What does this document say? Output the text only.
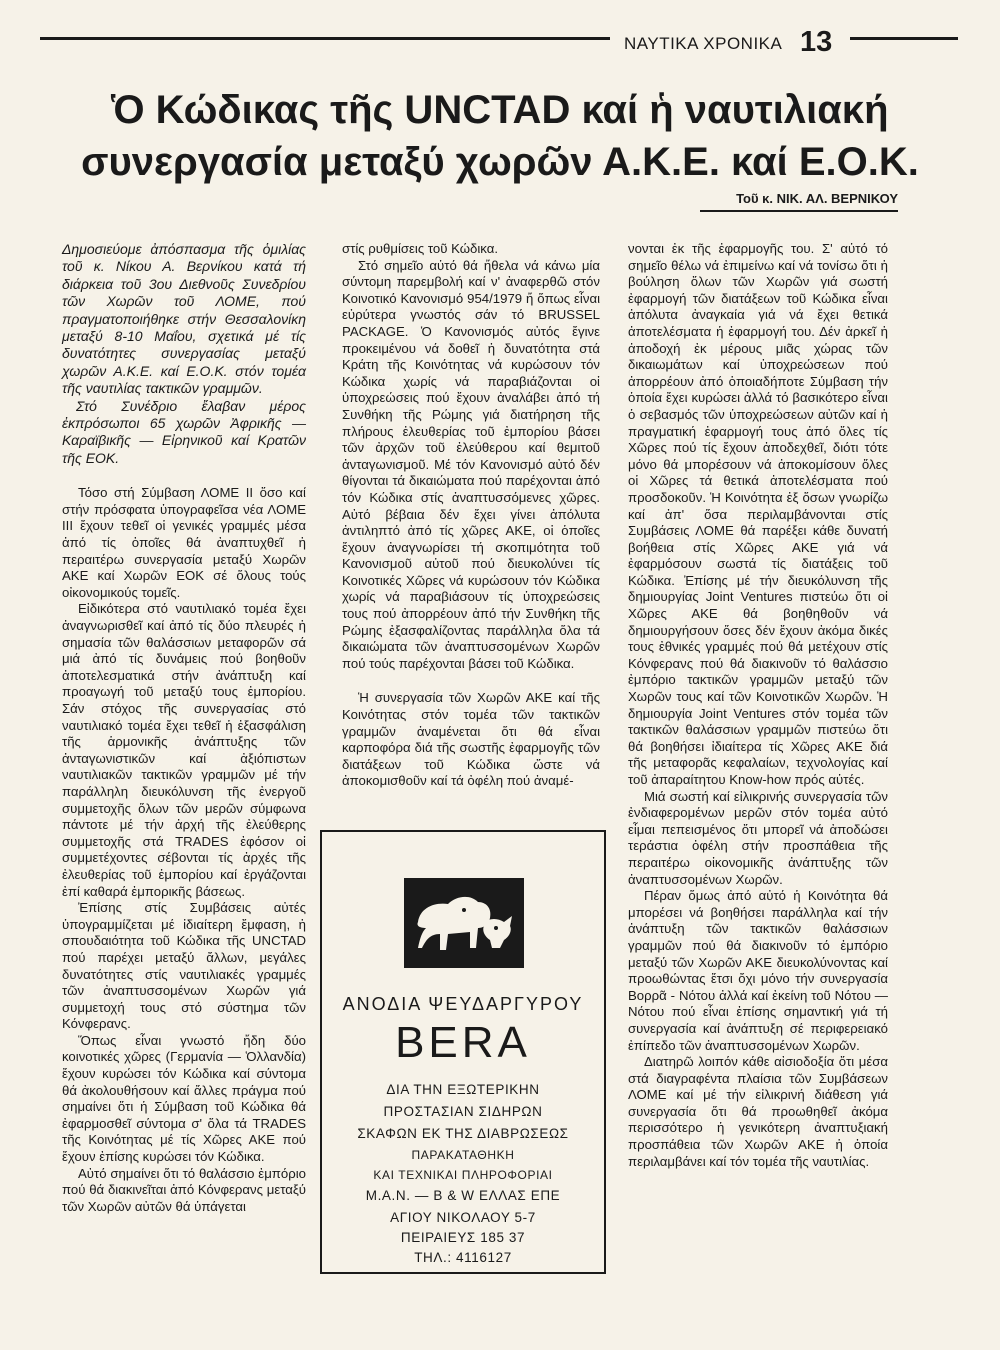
ΝΑΥΤΙΚΑ ΧΡΟΝΙΚΑ 13
Ὁ Κώδικας τῆς UNCTAD καί ἡ ναυτιλιακή
συνεργασία μεταξύ χωρῶν Α.Κ.Ε. καί Ε.Ο.Κ.
Τοῦ κ. ΝΙΚ. ΑΛ. ΒΕΡΝΙΚΟΥ

Δημοσιεύομε ἀπόσπασμα τῆς ὁμιλίας τοῦ κ. Νίκου Α. Βερνίκου κατά τή διάρκεια τοῦ 3ου Διεθνοῦς Συνεδρίου τῶν Χωρῶν τοῦ ΛΟΜΕ, πού πραγματοποιήθηκε στήν Θεσσαλονίκη μεταξύ 8-10 Μαΐου, σχετικά μέ τίς δυνατότητες συνεργασίας μεταξύ χωρῶν Α.Κ.Ε. καί Ε.Ο.Κ. στόν τομέα τῆς ναυτιλίας τακτικῶν γραμμῶν.

Στό Συνέδριο ἔλαβαν μέρος ἐκπρόσωποι 65 χωρῶν Ἀφρικῆς — Καραϊβικῆς — Εἰρηνικοῦ καί Κρατῶν τῆς ΕΟΚ.

Τόσο στή Σύμβαση ΛΟΜΕ ΙΙ ὅσο καί στήν πρόσφατα ὑπογραφεῖσα νέα ΛΟΜΕ ΙΙΙ ἔχουν τεθεῖ οἱ γενικές γραμμές μέσα ἀπό τίς ὁποῖες θά ἀναπτυχθεῖ ἡ περαιτέρω συνεργασία μεταξύ Χωρῶν ΑΚΕ καί Χωρῶν ΕΟΚ σέ ὅλους τούς οἰκονομικούς τομεῖς.

Εἰδικότερα στό ναυτιλιακό τομέα ἔχει ἀναγνωρισθεῖ καί ἀπό τίς δύο πλευρές ἡ σημασία τῶν θαλάσσιων μεταφορῶν σά μιά ἀπό τίς δυνάμεις πού βοηθοῦν ἀποτελεσματικά στήν ἀνάπτυξη καί προαγωγή τοῦ μεταξύ τους ἐμπορίου. Σάν στόχος τῆς συνεργασίας στό ναυτιλιακό τομέα ἔχει τεθεῖ ἡ ἐξασφάλιση τῆς ἁρμονικῆς ἀνάπτυξης τῶν ἀνταγωνιστικῶν καί ἀξιόπιστων ναυτιλιακῶν τακτικῶν γραμμῶν μέ τήν παράλληλη διευκόλυνση τῆς ἐνεργοῦ συμμετοχῆς ὅλων τῶν μερῶν σύμφωνα πάντοτε μέ τήν ἀρχή τῆς ἐλεύθερης συμμετοχῆς στά TRADES ἐφόσον οἱ συμμετέχοντες σέβονται τίς ἀρχές τῆς ἐλευθερίας τοῦ ἐμπορίου καί ἐργάζονται ἐπί καθαρά ἐμπορικῆς βάσεως.

Ἐπίσης στίς Συμβάσεις αὐτές ὑπογραμμίζεται μέ ἰδιαίτερη ἔμφαση, ἡ σπουδαιότητα τοῦ Κώδικα τῆς UNCTAD πού παρέχει μεταξύ ἄλλων, μεγάλες δυνατότητες στίς ναυτιλιακές γραμμές τῶν ἀναπτυσσομένων Χωρῶν γιά συμμετοχή τους στό σύστημα τῶν Κόνφερανς.

Ὅπως εἶναι γνωστό ἤδη δύο κοινοτικές χῶρες (Γερμανία — Ὁλλανδία) ἔχουν κυρώσει τόν Κώδικα καί σύντομα θά ἀκολουθήσουν καί ἄλλες πράγμα πού σημαίνει ὅτι ἡ Σύμβαση τοῦ Κώδικα θά ἐφαρμοσθεῖ σύντομα σ' ὅλα τά TRADES τῆς Κοινότητας μέ τίς Χῶρες ΑΚΕ πού ἔχουν ἐπίσης κυρώσει τόν Κώδικα.

Αὐτό σημαίνει ὅτι τό θαλάσσιο ἐμπόριο πού θά διακινεῖται ἀπό Κόνφερανς μεταξύ τῶν Χωρῶν αὐτῶν θά ὑπάγεται

στίς ρυθμίσεις τοῦ Κώδικα.

Στό σημεῖο αὐτό θά ἤθελα νά κάνω μία σύντομη παρεμβολή καί ν' ἀναφερθῶ στόν Κοινοτικό Κανονισμό 954/1979 ἤ ὅπως εἶναι εὐρύτερα γνωστός σάν τό BRUSSEL PACKAGE. Ὁ Κανονισμός αὐτός ἔγινε προκειμένου νά δοθεῖ ἡ δυνατότητα στά Κράτη τῆς Κοινότητας νά κυρώσουν τόν Κώδικα χωρίς νά παραβιάζονται οἱ ὑποχρεώσεις πού ἔχουν ἀναλάβει ἀπό τή Συνθήκη τῆς Ρώμης γιά διατήρηση τῆς πλήρους ἐλευθερίας τοῦ ἐμπορίου βάσει τῶν ἀρχῶν τοῦ ἐλεύθερου καί θεμιτοῦ ἀνταγωνισμοῦ. Μέ τόν Κανονισμό αὐτό δέν θίγονται τά δικαιώματα πού παρέχονται ἀπό τόν Κώδικα στίς ἀναπτυσσόμενες χῶρες. Αὐτό βέβαια δέν ἔχει γίνει ἀπόλυτα ἀντιληπτό ἀπό τίς χῶρες ΑΚΕ, οἱ ὁποῖες ἔχουν ἀναγνωρίσει τή σκοπιμότητα τοῦ Κανονισμοῦ αὐτοῦ πού διευκολύνει τίς Κοινοτικές Χῶρες νά κυρώσουν τόν Κώδικα χωρίς νά παραβιάσουν τίς ὑποχρεώσεις τους πού ἀπορρέουν ἀπό τήν Συνθήκη τῆς Ρώμης ἐξασφαλίζοντας παράλληλα ὅλα τά δικαιώματα τῶν ἀναπτυσσομένων Χωρῶν πού τούς παρέχονται βάσει τοῦ Κώδικα.

Ἡ συνεργασία τῶν Χωρῶν ΑΚΕ καί τῆς Κοινότητας στόν τομέα τῶν τακτικῶν γραμμῶν ἀναμένεται ὅτι θά εἶναι καρποφόρα διά τῆς σωστῆς ἐφαρμογῆς τῶν διατάξεων τοῦ Κώδικα ὥστε νά ἀποκομισθοῦν καί τά ὀφέλη πού ἀναμέ-

νονται ἐκ τῆς ἐφαρμογῆς του. Σ' αὐτό τό σημεῖο θέλω νά ἐπιμείνω καί νά τονίσω ὅτι ἡ βούληση ὅλων τῶν Χωρῶν γιά σωστή ἐφαρμογή τῶν διατάξεων τοῦ Κώδικα εἶναι ἀπόλυτα ἀναγκαία γιά νά ἔχει θετικά ἀποτελέσματα ἡ ἐφαρμογή του. Δέν ἀρκεῖ ἡ ἀποδοχή ἐκ μέρους μιᾶς χώρας τῶν δικαιωμάτων καί ὑποχρεώσεων πού ἀπορρέουν ἀπό ὁποιαδήποτε Σύμβαση τήν ὁποία ἔχει κυρώσει ἀλλά τό βασικότερο εἶναι ὁ σεβασμός τῶν ὑποχρεώσεων αὐτῶν καί ἡ πραγματική ἐφαρμογή τους ἀπό ὅλες τίς Χῶρες πού τίς ἔχουν ἀποδεχθεῖ, διότι τότε μόνο θά μπορέσουν νά ἀποκομίσουν ὅλες οἱ Χῶρες τά θετικά ἀποτελέσματα πού προσδοκοῦν. Ἡ Κοινότητα ἐξ ὅσων γνωρίζω καί ἀπ' ὅσα περιλαμβάνονται στίς Συμβάσεις ΛΟΜΕ θά παρέξει κάθε δυνατή βοήθεια στίς Χῶρες ΑΚΕ γιά νά ἐφαρμόσουν σωστά τίς διατάξεις τοῦ Κώδικα. Ἐπίσης μέ τήν διευκόλυνση τῆς δημιουργίας Joint Ventures πιστεύω ὅτι οἱ Χῶρες ΑΚΕ θά βοηθηθοῦν νά δημιουργήσουν ὅσες δέν ἔχουν ἀκόμα δικές τους ἐθνικές γραμμές πού θά μετέχουν στίς Κόνφερανς πού θά διακινοῦν τό θαλάσσιο ἐμπόριο τακτικῶν γραμμῶν μεταξύ τῶν Χωρῶν τους καί τῶν Κοινοτικῶν Χωρῶν. Ἡ δημιουργία Joint Ventures στόν τομέα τῶν τακτικῶν θαλάσσιων γραμμῶν πιστεύω ὅτι θά βοηθήσει ἰδιαίτερα τίς Χῶρες ΑΚΕ διά τῆς μεταφορᾶς κεφαλαίων, τεχνολογίας καί τοῦ ἀπαραίτητου Know-how πρός αὐτές.

Μιά σωστή καί εἰλικρινής συνεργασία τῶν ἐνδιαφερομένων μερῶν στόν τομέα αὐτό εἶμαι πεπεισμένος ὅτι μπορεῖ νά ἀποδώσει τεράστια ὀφέλη στήν προσπάθεια τῆς περαιτέρω οἰκονομικῆς ἀνάπτυξης τῶν ἀναπτυσσομένων Χωρῶν.

Πέραν ὅμως ἀπό αὐτό ἡ Κοινότητα θά μπορέσει νά βοηθήσει παράλληλα καί τήν ἀνάπτυξη τῶν τακτικῶν θαλάσσιων γραμμῶν πού θά διακινοῦν τό ἐμπόριο μεταξύ τῶν Χωρῶν ΑΚΕ διευκολύνοντας καί προωθώντας ἔτσι ὄχι μόνο τήν συνεργασία Βορρᾶ - Νότου ἀλλά καί ἐκείνη τοῦ Νότου — Νότου πού εἶναι ἐπίσης σημαντική γιά τή συνεργασία καί ἀνάπτυξη σέ περιφερειακό ἐπίπεδο τῶν ἀναπτυσσομένων Χωρῶν.

Διατηρῶ λοιπόν κάθε αἰσιοδοξία ὅτι μέσα στά διαγραφέντα πλαίσια τῶν Συμβάσεων ΛΟΜΕ καί μέ τήν εἰλικρινή διάθεση γιά συνεργασία ὅτι θά προωθηθεῖ ἀκόμα περισσότερο ἡ γενικότερη ἀναπτυξιακή προσπάθεια τῶν Χωρῶν ΑΚΕ ἡ ὁποία περιλαμβάνει καί τόν τομέα τῆς ναυτιλίας.

ΑΝΟΔΙΑ ΨΕΥΔΑΡΓΥΡΟΥ
BERA
ΔΙΑ ΤΗΝ ΕΞΩΤΕΡΙΚΗΝ
ΠΡΟΣΤΑΣΙΑΝ ΣΙΔΗΡΩΝ
ΣΚΑΦΩΝ ΕΚ ΤΗΣ ΔΙΑΒΡΩΣΕΩΣ
ΠΑΡΑΚΑΤΑΘΗΚΗ
ΚΑΙ ΤΕΧΝΙΚΑΙ ΠΛΗΡΟΦΟΡΙΑΙ
Μ.Α.Ν. — Β & W ΕΛΛΑΣ ΕΠΕ
ΑΓΙΟΥ ΝΙΚΟΛΑΟΥ 5-7
ΠΕΙΡΑΙΕΥΣ 185 37
ΤΗΛ.: 4116127
